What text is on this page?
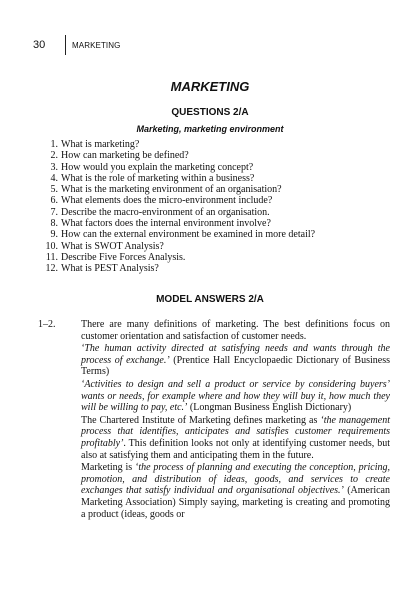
30	MARKETING
MARKETING
QUESTIONS 2/A
Marketing, marketing environment
1. What is marketing?
2. How can marketing be defined?
3. How would you explain the marketing concept?
4. What is the role of marketing within a business?
5. What is the marketing environment of an organisation?
6. What elements does the micro-environment include?
7. Describe the macro-environment of an organisation.
8. What factors does the internal environment involve?
9. How can the external environment be examined in more detail?
10. What is SWOT Analysis?
11. Describe Five Forces Analysis.
12. What is PEST Analysis?
MODEL ANSWERS 2/A
1–2.	There are many definitions of marketing. The best definitions focus on customer orientation and satisfaction of customer needs.

‘The human activity directed at satisfying needs and wants through the process of exchange.’ (Prentice Hall Encyclopaedic Dictionary of Business Terms)

‘Activities to design and sell a product or service by considering buyers’ wants or needs, for example where and how they will buy it, how much they will be willing to pay, etc.’ (Longman Business English Dictionary)

The Chartered Institute of Marketing defines marketing as ‘the management process that identifies, anticipates and satisfies customer requirements profitably’. This definition looks not only at identifying customer needs, but also at satisfying them and anticipating them in the future.

Marketing is ‘the process of planning and executing the conception, pricing, promotion, and distribution of ideas, goods, and services to create exchanges that satisfy individual and organisational objectives.’ (American Marketing Association) Simply saying, marketing is creating and promoting a product (ideas, goods or
